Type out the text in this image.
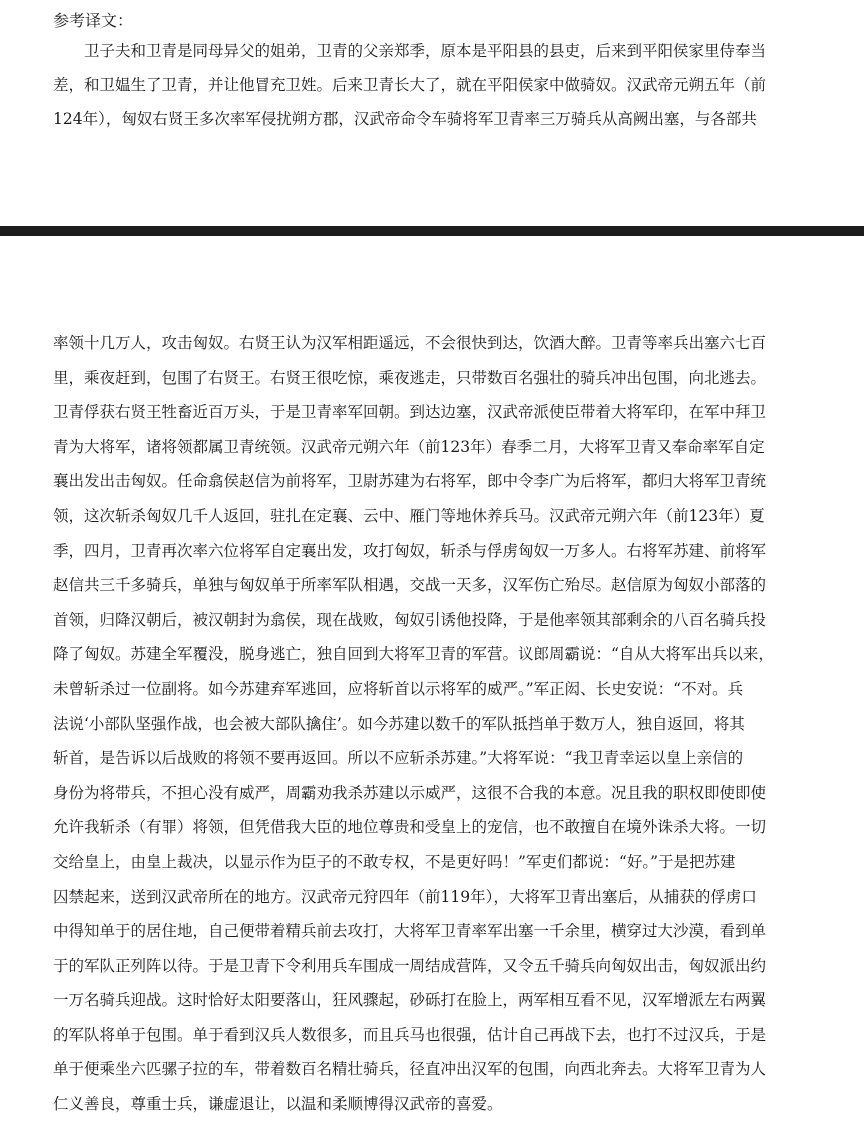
参考译文：
　　卫子夫和卫青是同母异父的姐弟，卫青的父亲郑季，原本是平阳县的县吏，后来到平阳侯家里侍奉当
差，和卫媪生了卫青，并让他冒充卫姓。后来卫青长大了，就在平阳侯家中做骑奴。汉武帝元朔五年（前
124年），匈奴右贤王多次率军侵扰朔方郡，汉武帝命令车骑将军卫青率三万骑兵从高阙出塞，与各部共
率领十几万人，攻击匈奴。右贤王认为汉军相距遥远，不会很快到达，饮酒大醉。卫青等率兵出塞六七百
里，乘夜赶到，包围了右贤王。右贤王很吃惊，乘夜逃走，只带数百名强壮的骑兵冲出包围，向北逃去。
卫青俘获右贤王牲畜近百万头，于是卫青率军回朝。到达边塞，汉武帝派使臣带着大将军印，在军中拜卫
青为大将军，诸将领都属卫青统领。汉武帝元朔六年（前123年）春季二月，大将军卫青又奉命率军自定
襄出发出击匈奴。任命翕侯赵信为前将军，卫尉苏建为右将军，郎中令李广为后将军，都归大将军卫青统
领，这次斩杀匈奴几千人返回，驻扎在定襄、云中、雁门等地休养兵马。汉武帝元朔六年（前123年）夏
季，四月，卫青再次率六位将军自定襄出发，攻打匈奴，斩杀与俘虏匈奴一万多人。右将军苏建、前将军
赵信共三千多骑兵，单独与匈奴单于所率军队相遇，交战一天多，汉军伤亡殆尽。赵信原为匈奴小部落的
首领，归降汉朝后，被汉朝封为翕侯，现在战败，匈奴引诱他投降，于是他率领其部剩余的八百名骑兵投
降了匈奴。苏建全军覆没，脱身逃亡，独自回到大将军卫青的军营。议郎周霸说：“自从大将军出兵以来，
未曾斩杀过一位副将。如今苏建弃军逃回，应将斩首以示将军的威严。”军正闳、长史安说：“不对。兵
法说‘小部队坚强作战，也会被大部队擒住’。如今苏建以数千的军队抵挡单于数万人，独自返回，将其
斩首，是告诉以后战败的将领不要再返回。所以不应斩杀苏建。”大将军说：“我卫青幸运以皇上亲信的
身份为将带兵，不担心没有威严，周霸劝我杀苏建以示威严，这很不合我的本意。况且我的职权即使即使
允许我斩杀（有罪）将领，但凭借我大臣的地位尊贵和受皇上的宠信，也不敢擅自在境外诛杀大将。一切
交给皇上，由皇上裁决，以显示作为臣子的不敢专权，不是更好吗！”军吏们都说：“好。”于是把苏建
囚禁起来，送到汉武帝所在的地方。汉武帝元狩四年（前119年），大将军卫青出塞后，从捕获的俘虏口
中得知单于的居住地，自己便带着精兵前去攻打，大将军卫青率军出塞一千余里，横穿过大沙漠，看到单
于的军队正列阵以待。于是卫青下令利用兵车围成一周结成营阵，又令五千骑兵向匈奴出击，匈奴派出约
一万名骑兵迎战。这时恰好太阳要落山，狂风骤起，砂砾打在脸上，两军相互看不见，汉军增派左右两翼
的军队将单于包围。单于看到汉兵人数很多，而且兵马也很强，估计自己再战下去，也打不过汉兵，于是
单于便乘坐六匹骡子拉的车，带着数百名精壮骑兵，径直冲出汉军的包围，向西北奔去。大将军卫青为人
仁义善良，尊重士兵，谦虚退让，以温和柔顺博得汉武帝的喜爱。
